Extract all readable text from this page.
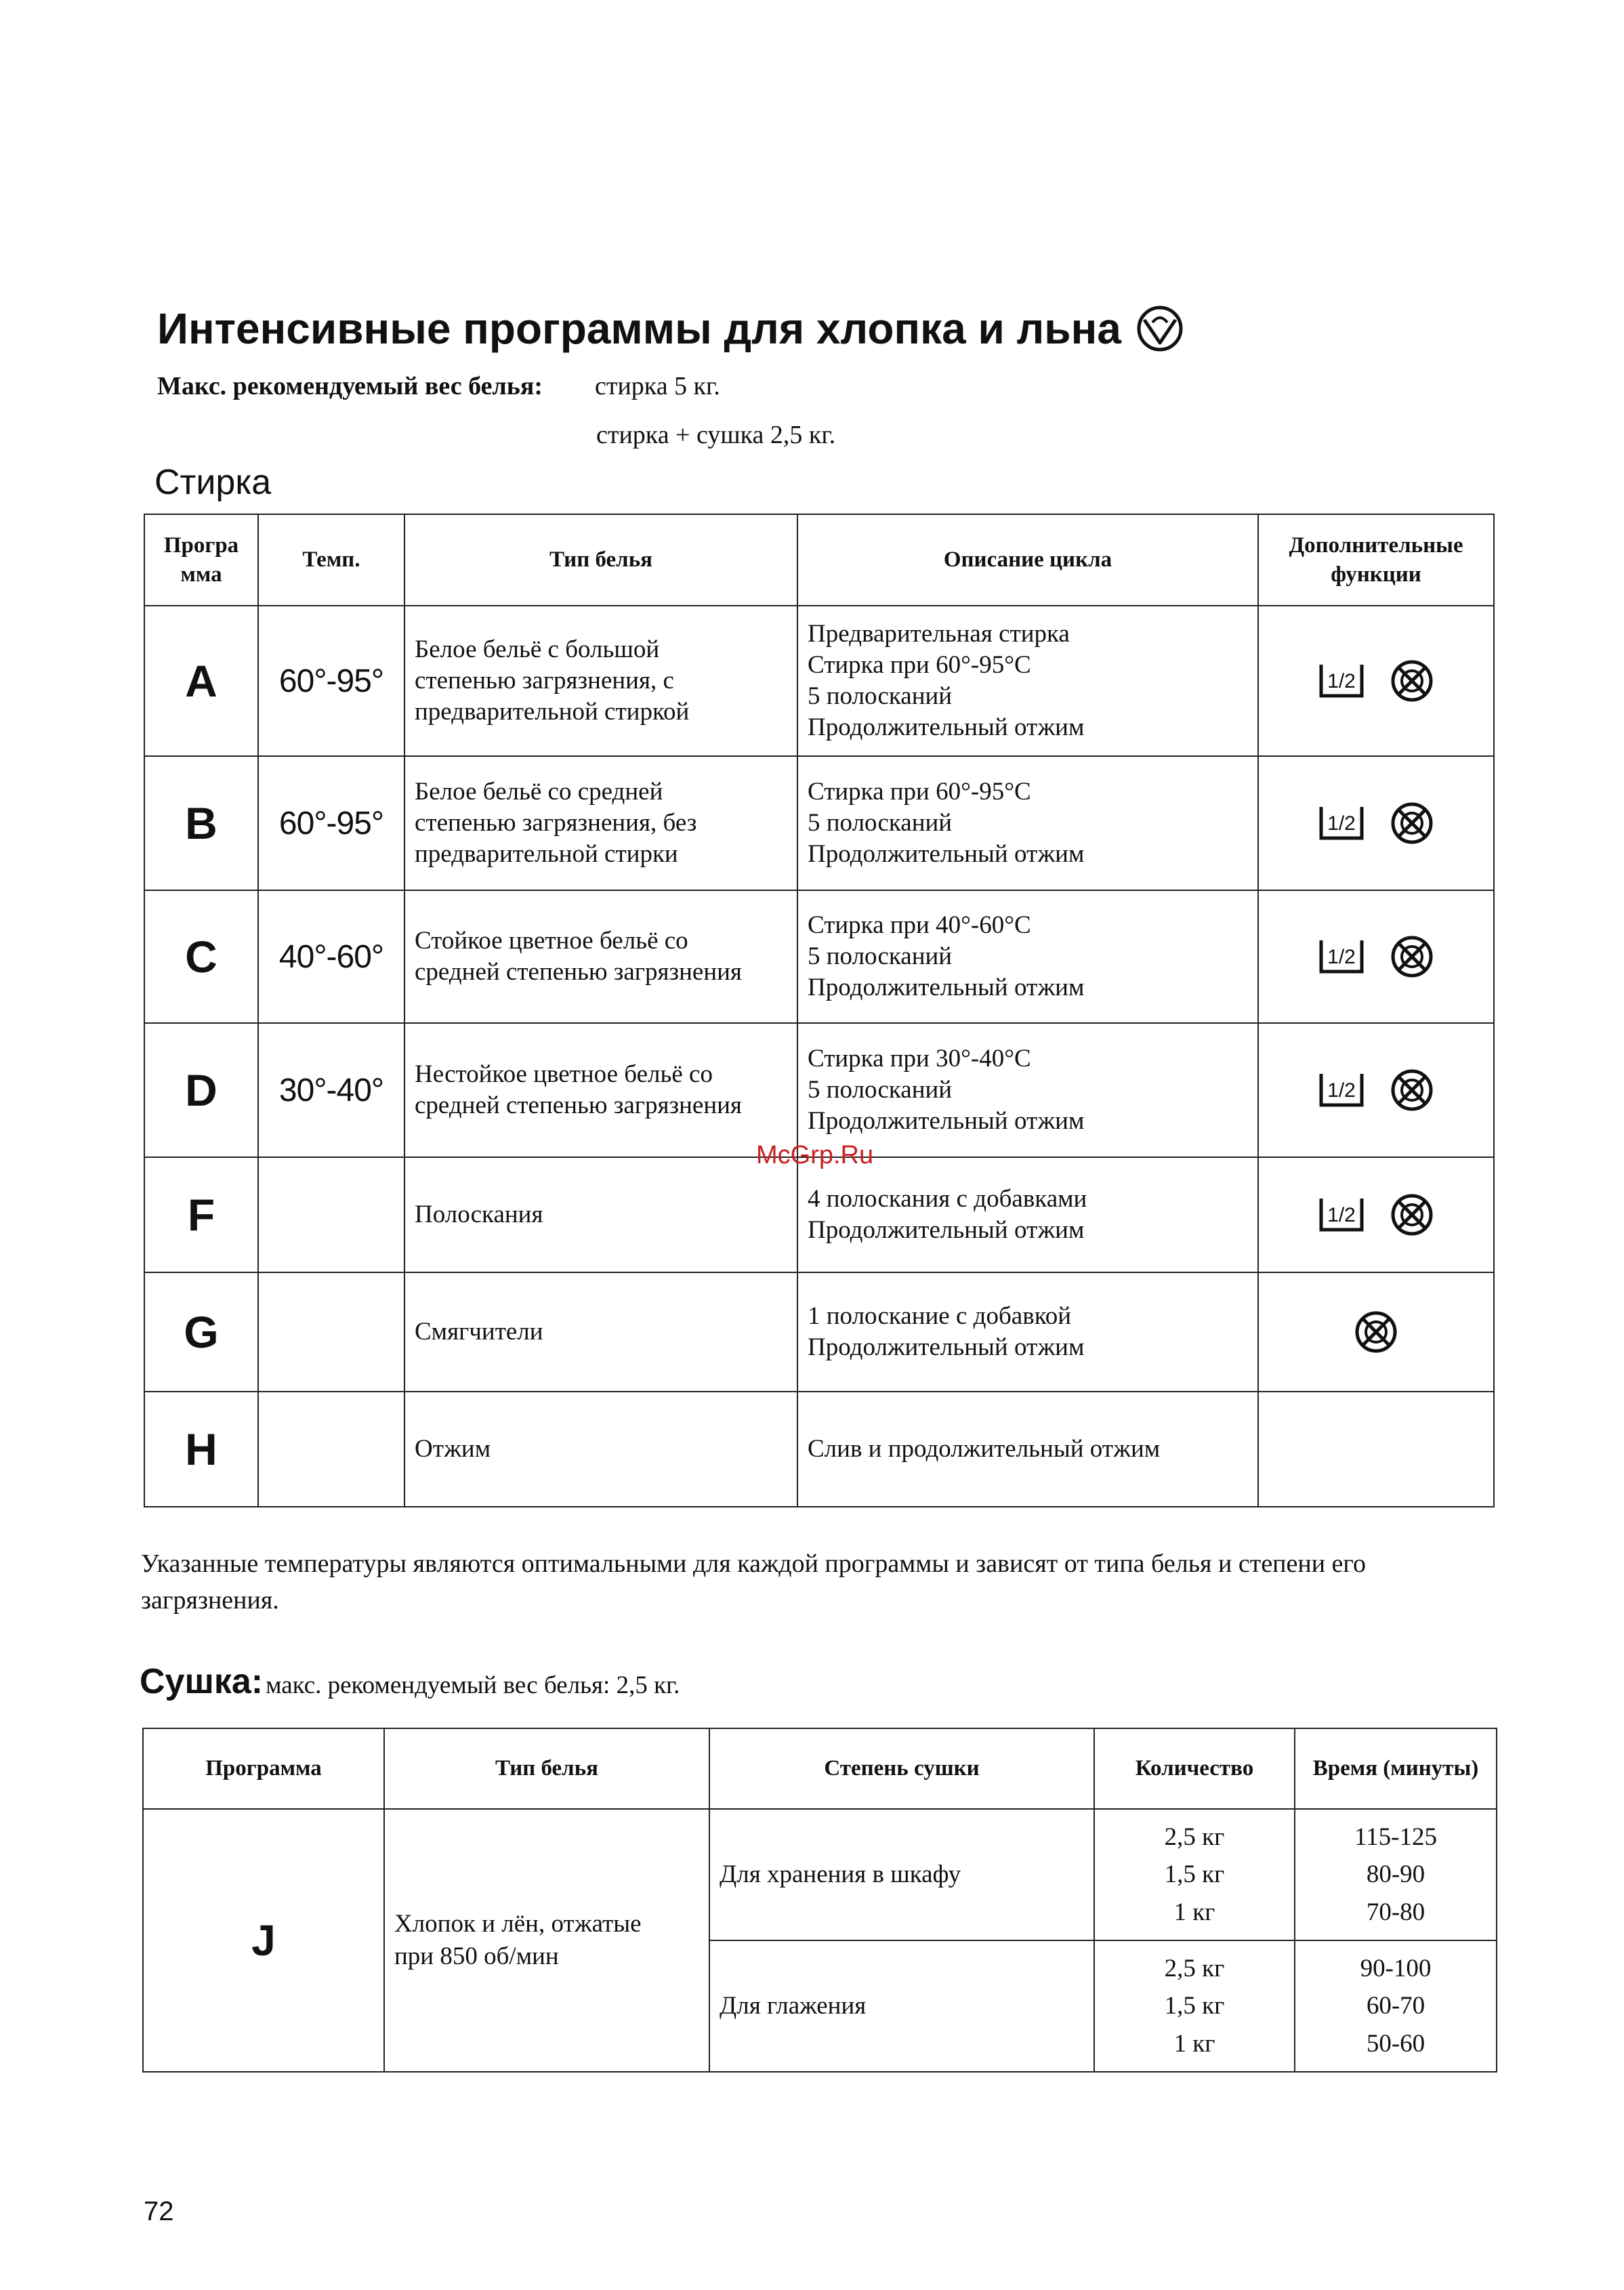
Интенсивные программы для хлопка и льна
Макс. рекомендуемый вес белья: стирка 5 кг.
стирка + сушка 2,5 кг.
Стирка
Програ
мма	Темп.	Тип белья	Описание цикла	Дополнительные
функции

A	60°-95°	Белое бельё с большой
степенью загрязнения, с
предварительной стиркой	Предварительная стирка
Стирка при 60°-95°С
5 полосканий
Продолжительный отжим	1/2

B	60°-95°	Белое бельё со средней
степенью загрязнения, без
предварительной стирки	Стирка при 60°-95°С
5 полосканий
Продолжительный отжим	1/2

C	40°-60°	Стойкое цветное бельё со
средней степенью загрязнения	Стирка при 40°-60°С
5 полосканий
Продолжительный отжим	1/2

D	30°-40°	Нестойкое цветное бельё со
средней степенью загрязнения	Стирка при 30°-40°С
5 полосканий
Продолжительный отжим	1/2

F		Полоскания	4 полоскания с добавками
Продолжительный отжим	1/2

G		Смягчители	1 полоскание с добавкой
Продолжительный отжим

H		Отжим	Слив и продолжительный отжим	

McGrp.Ru
Указанные температуры являются оптимальными для каждой программы и зависят от типа белья и степени его загрязнения.
Сушка: макс. рекомендуемый вес белья: 2,5 кг.
Программа	Тип белья	Степень сушки	Количество	Время (минуты)
J	Хлопок и лён, отжатые
при 850 об/мин	Для хранения в шкафу	2,5 кг
1,5 кг
1 кг	115-125
80-90
70-80

		Для глажения	2,5 кг
1,5 кг
1 кг	90-100
60-70
50-60
72
